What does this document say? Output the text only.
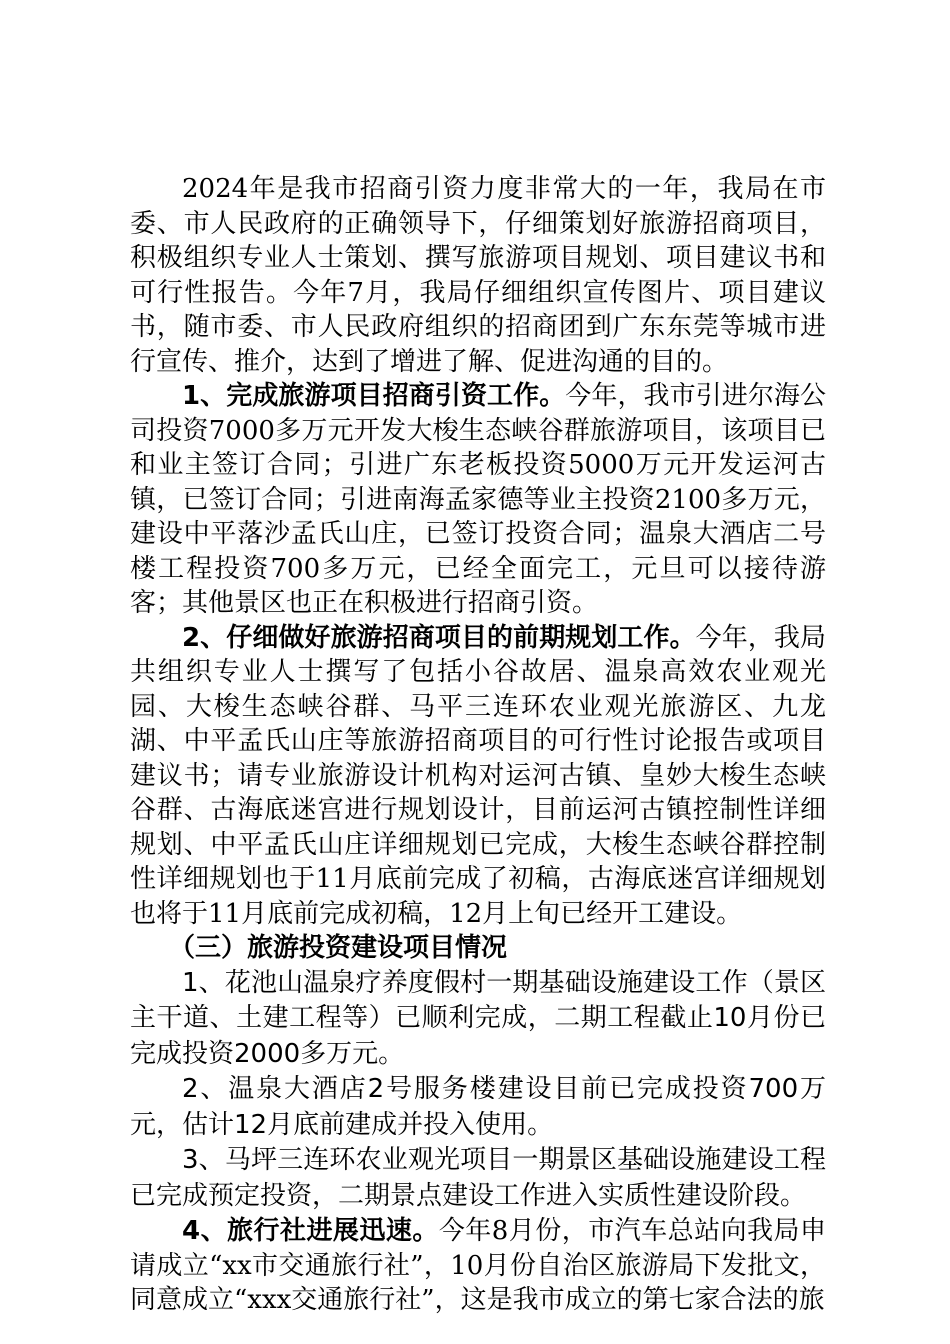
2024年是我市招商引资力度非常大的一年，我局在市委、市人民政府的正确领导下，仔细策划好旅游招商项目，积极组织专业人士策划、撰写旅游项目规划、项目建议书和可行性报告。今年7月，我局仔细组织宣传图片、项目建议书，随市委、市人民政府组织的招商团到广东东莞等城市进行宣传、推介，达到了增进了解、促进沟通的目的。

1、完成旅游项目招商引资工作。今年，我市引进尔海公司投资7000多万元开发大梭生态峡谷群旅游项目，该项目已和业主签订合同；引进广东老板投资5000万元开发运河古镇，已签订合同；引进南海孟家德等业主投资2100多万元，建设中平落沙孟氏山庄，已签订投资合同；温泉大酒店二号楼工程投资700多万元，已经全面完工，元旦可以接待游客；其他景区也正在积极进行招商引资。

2、仔细做好旅游招商项目的前期规划工作。今年，我局共组织专业人士撰写了包括小谷故居、温泉高效农业观光园、大梭生态峡谷群、马平三连环农业观光旅游区、九龙湖、中平孟氏山庄等旅游招商项目的可行性讨论报告或项目建议书；请专业旅游设计机构对运河古镇、皇妙大梭生态峡谷群、古海底迷宫进行规划设计，目前运河古镇控制性详细规划、中平孟氏山庄详细规划已完成，大梭生态峡谷群控制性详细规划也于11月底前完成了初稿，古海底迷宫详细规划也将于11月底前完成初稿，12月上旬已经开工建设。

（三）旅游投资建设项目情况

1、花池山温泉疗养度假村一期基础设施建设工作（景区主干道、土建工程等）已顺利完成，二期工程截止10月份已完成投资2000多万元。

2、温泉大酒店2号服务楼建设目前已完成投资700万元，估计12月底前建成并投入使用。

3、马坪三连环农业观光项目一期景区基础设施建设工程已完成预定投资，二期景点建设工作进入实质性建设阶段。

4、旅行社进展迅速。今年8月份，市汽车总站向我局申请成立“xx市交通旅行社”，10月份自治区旅游局下发批文，同意成立“xxx交通旅行社”，这是我市成立的第七家合法的旅
